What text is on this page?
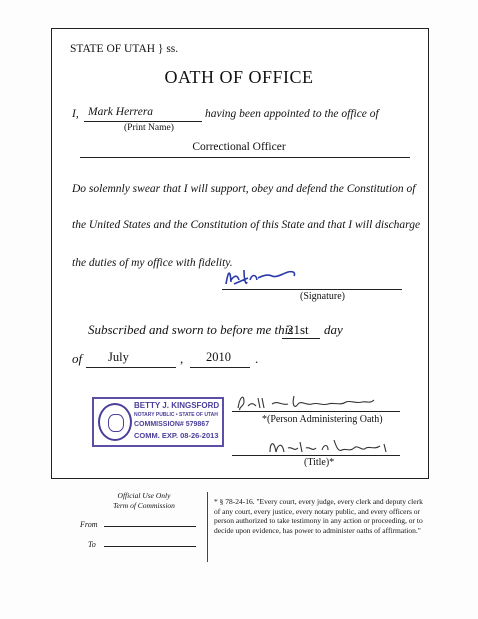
STATE OF UTAH } ss.
OATH OF OFFICE
I, Mark Herrera	having been appointed to the office of
(Print Name)
Correctional Officer
Do solemnly swear that I will support, obey and defend the Constitution of
the United States and the Constitution of this State and that I will discharge
the duties of my office with fidelity.
(Signature)
Subscribed and sworn to before me this
21st day
of July	, 2010 .
BETTY J. KINGSFORD
NOTARY PUBLIC • STATE OF UTAH
COMMISSION# 579867
COMM. EXP. 08-26-2013
*(Person Administering Oath)
(Title)*
Official Use Only
Term of Commission
From
To
* § 78-24-16. "Every court, every judge, every clerk and deputy clerk of any court, every justice, every notary public, and every officers or person authorized to take testimony in any action or proceeding, or to decide upon evidence, has power to administer oaths of affirmation."
